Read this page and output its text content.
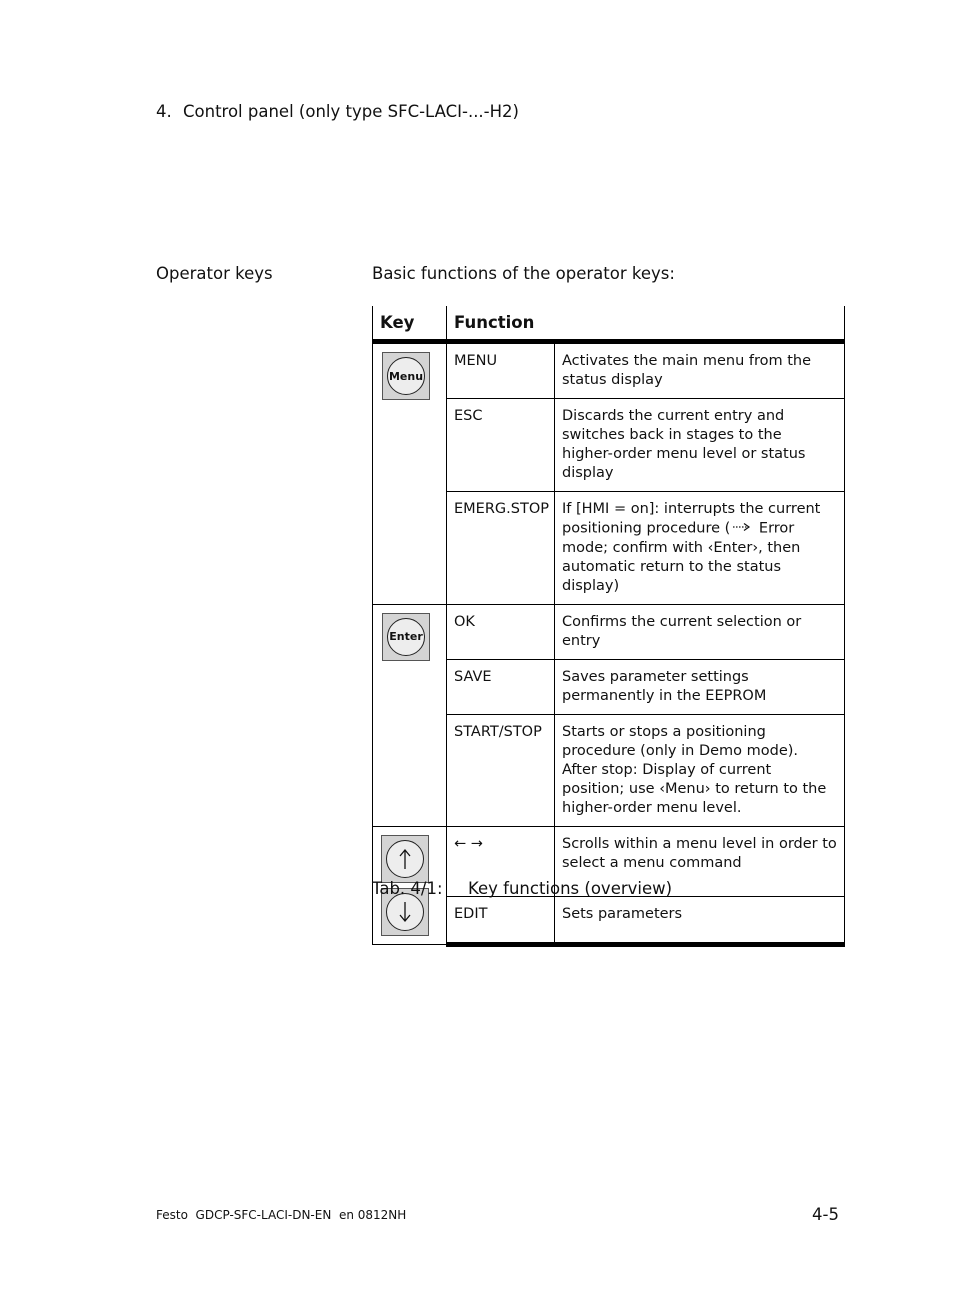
4. Control panel (only type SFC-LACI-...-H2)
Operator keys	Basic functions of the operator keys:
Key	Function	

Menu	MENU	Activates the main menu from the status display
	ESC	Discards the current entry and switches back in stages to the higher-order menu level or status display
	EMERG.STOP	If [HMI = on]: interrupts the current positioning procedure ( Error mode; confirm with ‹Enter›, then automatic return to the status display)

Enter	OK	Confirms the current selection or entry
	SAVE	Saves parameter settings permanently in the EEPROM
	START/STOP	Starts or stops a positioning procedure (only in Demo mode). After stop: Display of current position; use ‹Menu› to return to the higher-order menu level.

	← →	Scrolls within a menu level in order to select a menu command
	EDIT	Sets parameters
Tab. 4/1: Key functions (overview)
Festo  GDCP-SFC-LACI-DN-EN  en 0812NH	4-5
